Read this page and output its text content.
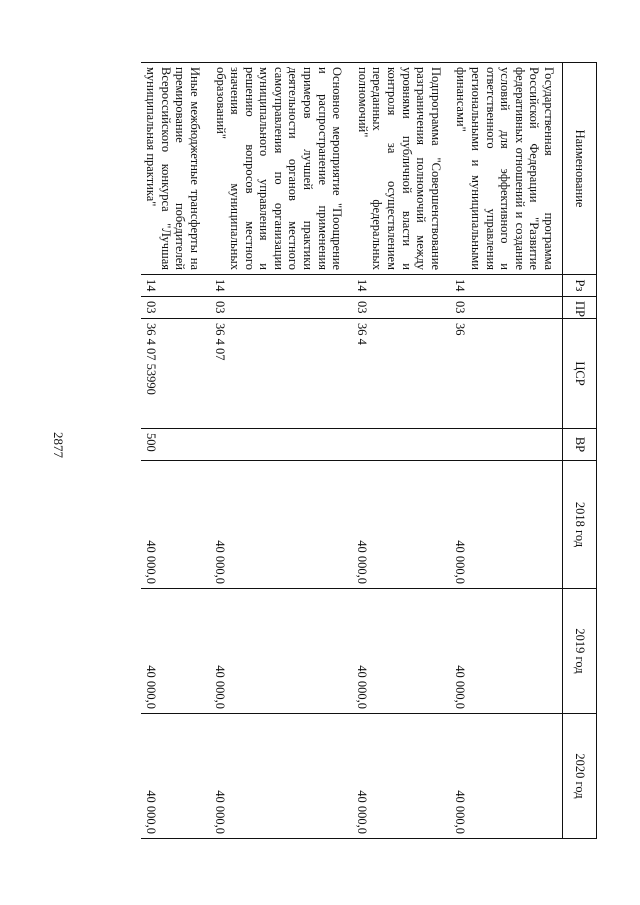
2877
Наименование	Рз	ПР	ЦСР	ВР	2018 год	2019 год	2020 год
Государственная программа Российской Федерации "Развитие федеративных отношений и создание условий для эффективного и ответственного управления региональными и муниципальными финансами"	14	03	36		40 000,0	40 000,0	40 000,0
Подпрограмма "Совершенствование разграничения полномочий между уровнями публичной власти и контроля за осуществлением переданных федеральных полномочий"	14	03	36 4		40 000,0	40 000,0	40 000,0
Основное мероприятие "Поощрение и распространение применения примеров лучшей практики деятельности органов местного самоуправления по организации муниципального управления и решению вопросов местного значения муниципальных образований"	14	03	36 4 07		40 000,0	40 000,0	40 000,0
Иные межбюджетные трансферты на премирование победителей Всероссийского конкурса "Лучшая муниципальная практика"	14	03	36 4 07 53990	500	40 000,0	40 000,0	40 000,0
